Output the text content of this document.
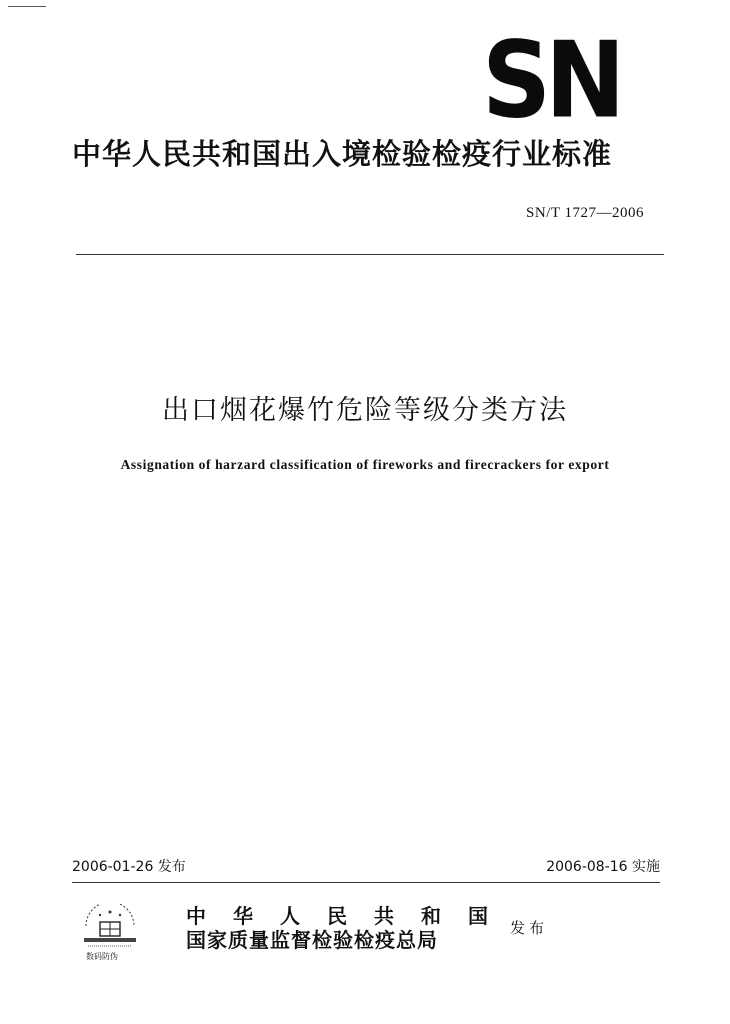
SN
中华人民共和国出入境检验检疫行业标准
SN/T 1727—2006
出口烟花爆竹危险等级分类方法
Assignation of harzard classification of fireworks and firecrackers for export
2006-01-26 发布	2006-08-16 实施
数码防伪
中华人民共和国
国家质量监督检验检疫总局	发布
